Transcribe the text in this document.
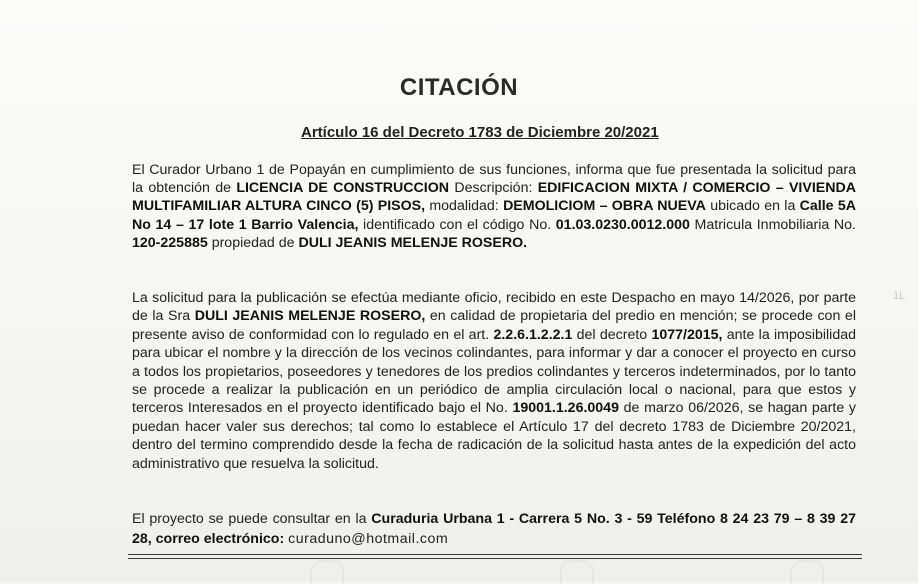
CITACIÓN
Artículo 16 del Decreto 1783 de Diciembre 20/2021
El Curador Urbano 1 de Popayán en cumplimiento de sus funciones, informa que fue presentada la solicitud para la obtención de LICENCIA DE CONSTRUCCION Descripción: EDIFICACION MIXTA / COMERCIO – VIVIENDA MULTIFAMILIAR ALTURA CINCO (5) PISOS, modalidad: DEMOLICIOM – OBRA NUEVA ubicado en la Calle 5A No 14 – 17 lote 1 Barrio Valencia, identificado con el código No. 01.03.0230.0012.000 Matricula Inmobiliaria No. 120-225885 propiedad de DULI JEANIS MELENJE ROSERO.
La solicitud para la publicación se efectúa mediante oficio, recibido en este Despacho en mayo 14/2026, por parte de la Sra DULI JEANIS MELENJE ROSERO, en calidad de propietaria del predio en mención; se procede con el presente aviso de conformidad con lo regulado en el art. 2.2.6.1.2.2.1 del decreto 1077/2015, ante la imposibilidad para ubicar el nombre y la dirección de los vecinos colindantes, para informar y dar a conocer el proyecto en curso a todos los propietarios, poseedores y tenedores de los predios colindantes y terceros indeterminados, por lo tanto se procede a realizar la publicación en un periódico de amplia circulación local o nacional, para que estos y terceros Interesados en el proyecto identificado bajo el No. 19001.1.26.0049 de marzo 06/2026, se hagan parte y puedan hacer valer sus derechos; tal como lo establece el Artículo 17 del decreto 1783 de Diciembre 20/2021, dentro del termino comprendido desde la fecha de radicación de la solicitud hasta antes de la expedición del acto administrativo que resuelva la solicitud.
El proyecto se puede consultar en la Curaduria Urbana 1 - Carrera 5 No. 3 - 59 Teléfono 8 24 23 79 – 8 39 27 28, correo electrónico: curaduno@hotmail.com
1L
